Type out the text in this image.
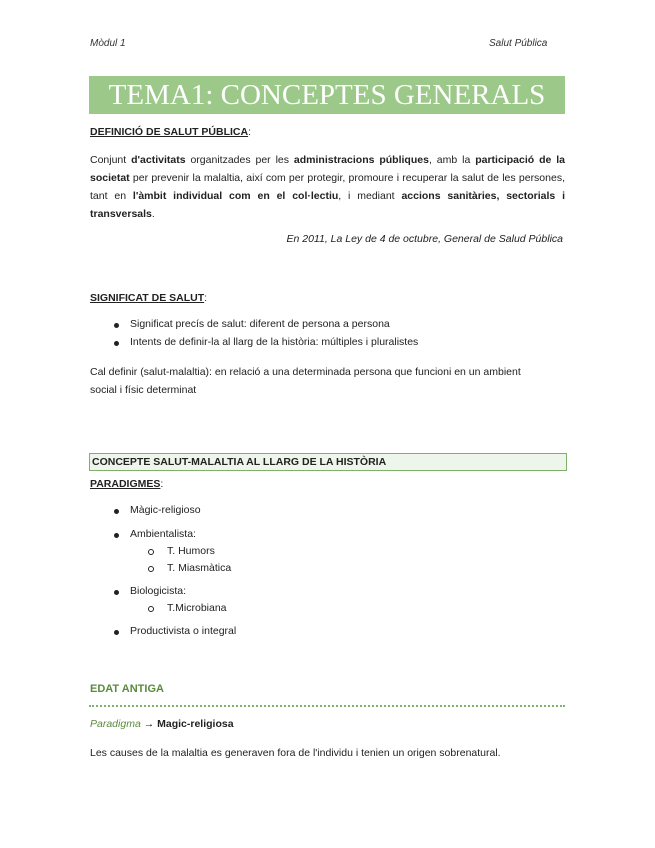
Mòdul 1	Salut Pública
TEMA1: CONCEPTES GENERALS
DEFINICIÓ DE SALUT PÚBLICA:
Conjunt d'activitats organitzades per les administracions públiques, amb la participació de la societat per prevenir la malaltia, així com per protegir, promoure i recuperar la salut de les persones, tant en l'àmbit individual com en el col·lectiu, i mediant accions sanitàries, sectorials i transversals.
En 2011, La Ley de 4 de octubre, General de Salud Pública
SIGNIFICAT DE SALUT:
Significat precís de salut: diferent de persona a persona
Intents de definir-la al llarg de la història: múltiples i pluralistes
Cal definir (salut-malaltia): en relació a una determinada persona que funcioni en un ambient
social i físic determinat
CONCEPTE SALUT-MALALTIA AL LLARG DE LA HISTÒRIA
PARADIGMES:
Màgic-religioso
Ambientalista:
T. Humors
T. Miasmàtica
Biologicista:
T.Microbiana
Productivista o integral
EDAT ANTIGA
Paradigma → Magic-religiosa
Les causes de la malaltia es generaven fora de l'individu i tenien un origen sobrenatural.
